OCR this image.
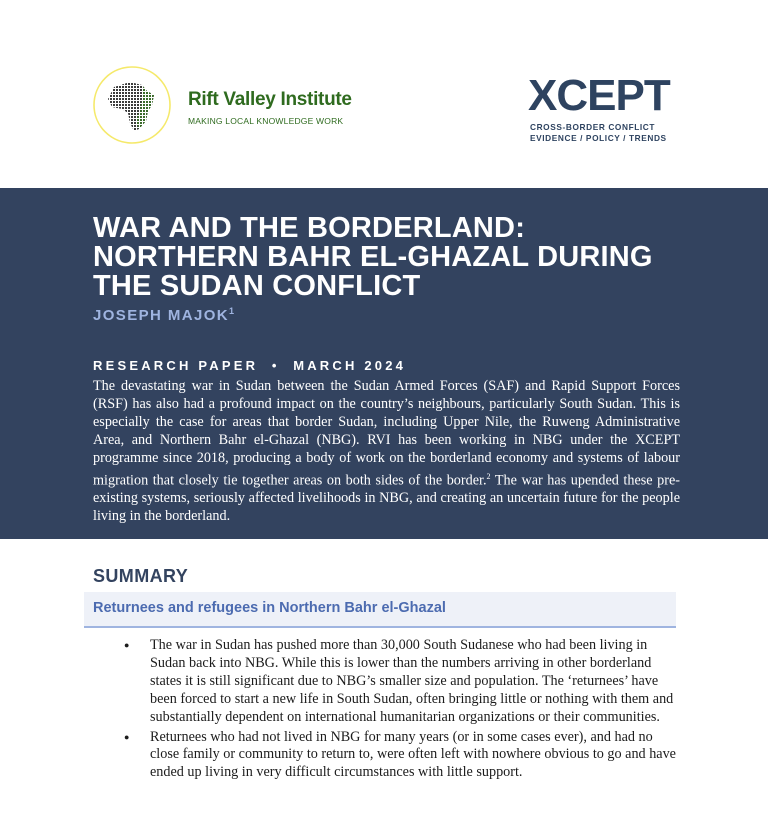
Rift Valley Institute
MAKING LOCAL KNOWLEDGE WORK
XCEPT
CROSS-BORDER CONFLICT
EVIDENCE / POLICY / TRENDS
WAR AND THE BORDERLAND:
NORTHERN BAHR EL-GHAZAL DURING
THE SUDAN CONFLICT
JOSEPH MAJOK$^1$
RESEARCH PAPER  •  MARCH 2024
The devastating war in Sudan between the Sudan Armed Forces (SAF) and Rapid Support Forces (RSF) has also had a profound impact on the country’s neighbours, particularly South Sudan. This is especially the case for areas that border Sudan, including Upper Nile, the Ruweng Administrative Area, and Northern Bahr el-Ghazal (NBG). RVI has been working in NBG under the XCEPT programme since 2018, producing a body of work on the borderland economy and systems of labour migration that closely tie together areas on both sides of the border.$^2$ The war has upended these pre-existing systems, seriously affected livelihoods in NBG, and creating an uncertain future for the people living in the borderland.
SUMMARY
Returnees and refugees in Northern Bahr el-Ghazal
● The war in Sudan has pushed more than 30,000 South Sudanese who had been living in Sudan back into NBG. While this is lower than the numbers arriving in other borderland states it is still significant due to NBG’s smaller size and population. The ‘returnees’ have been forced to start a new life in South Sudan, often bringing little or nothing with them and substantially dependent on international humanitarian organizations or their communities.
● Returnees who had not lived in NBG for many years (or in some cases ever), and had no close family or community to return to, were often left with nowhere obvious to go and have ended up living in very difficult circumstances with little support.
